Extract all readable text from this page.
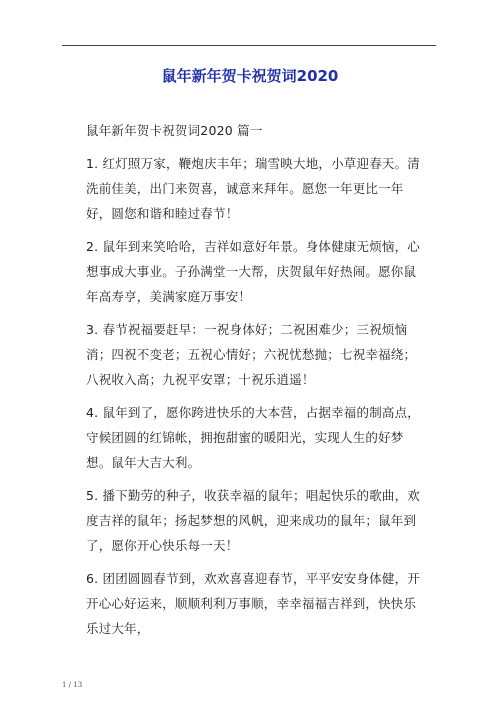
鼠年新年贺卡祝贺词2020
鼠年新年贺卡祝贺词2020 篇一
1. 红灯照万家，鞭炮庆丰年；瑞雪映大地，小草迎春天。清洗前佳美，出门来贺喜，诚意来拜年。愿您一年更比一年好，圆您和谐和睦过春节！
2. 鼠年到来笑哈哈，吉祥如意好年景。身体健康无烦恼，心想事成大事业。子孙满堂一大帮，庆贺鼠年好热闹。愿你鼠年高寿亨，美满家庭万事安！
3. 春节祝福要赶早：一祝身体好；二祝困难少；三祝烦恼消；四祝不变老；五祝心情好；六祝忧愁抛；七祝幸福绕；八祝收入高；九祝平安罩；十祝乐逍遥！
4. 鼠年到了，愿你跨进快乐的大本营，占据幸福的制高点，守候团圆的红锦帐，拥抱甜蜜的暖阳光，实现人生的好梦想。鼠年大吉大利。
5. 播下勤劳的种子，收获幸福的鼠年；唱起快乐的歌曲，欢度吉祥的鼠年；扬起梦想的风帆，迎来成功的鼠年；鼠年到了，愿你开心快乐每一天！
6. 团团圆圆春节到，欢欢喜喜迎春节，平平安安身体健，开开心心好运来，顺顺利利万事顺，幸幸福福吉祥到，快快乐乐过大年，
1 / 13
